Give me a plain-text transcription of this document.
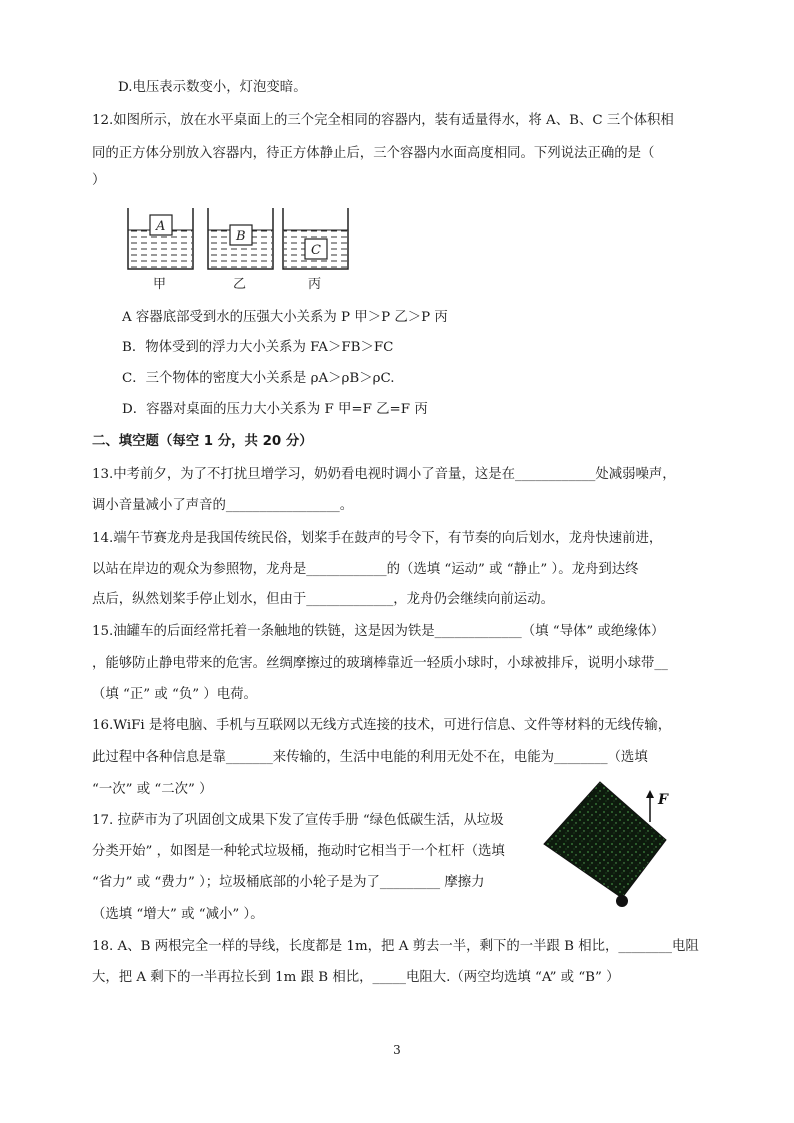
D.电压表示数变小，灯泡变暗。
12.如图所示，放在水平桌面上的三个完全相同的容器内，装有适量得水，将 A、B、C 三个体积相
同的正方体分别放入容器内，待正方体静止后，三个容器内水面高度相同。下列说法正确的是（
）
A
B
C
甲	乙	丙
A 容器底部受到水的压强大小关系为 P 甲＞P 乙＞P 丙
B．物体受到的浮力大小关系为 FA＞FB＞FC
C．三个物体的密度大小关系是 ρA＞ρB＞ρC.
D．容器对桌面的压力大小关系为 F 甲=F 乙=F 丙
二、填空题（每空 1 分，共 20 分）
13.中考前夕，为了不打扰旦增学习，奶奶看电视时调小了音量，这是在____________处减弱噪声，
调小音量减小了声音的_________________。
14.端午节赛龙舟是我国传统民俗，划桨手在鼓声的号令下，有节奏的向后划水，龙舟快速前进，
以站在岸边的观众为参照物，龙舟是____________的（选填 “运动” 或 “静止” ）。龙舟到达终
点后，纵然划桨手停止划水，但由于_____________，龙舟仍会继续向前运动。
15.油罐车的后面经常托着一条触地的铁链，这是因为铁是_____________（填 “导体” 或绝缘体）
，能够防止静电带来的危害。丝绸摩擦过的玻璃棒靠近一轻质小球时，小球被排斥，说明小球带__
（填 “正” 或 “负” ）电荷。
16.WiFi 是将电脑、手机与互联网以无线方式连接的技术，可进行信息、文件等材料的无线传输，
此过程中各种信息是靠_______来传输的，生活中电能的利用无处不在，电能为________（选填
“一次” 或 “二次” ）
17. 拉萨市为了巩固创文成果下发了宣传手册 “绿色低碳生活，从垃圾
分类开始” ，如图是一种轮式垃圾桶，拖动时它相当于一个杠杆（选填
“省力” 或 “费力” ）；垃圾桶底部的小轮子是为了_________ 摩擦力
（选填 “增大” 或 “减小” ）。
F
18. A、B 两根完全一样的导线，长度都是 1m，把 A 剪去一半，剩下的一半跟 B 相比，________电阻
大，把 A 剩下的一半再拉长到 1m 跟 B 相比，_____电阻大.（两空均选填 “A” 或 “B” ）
3
